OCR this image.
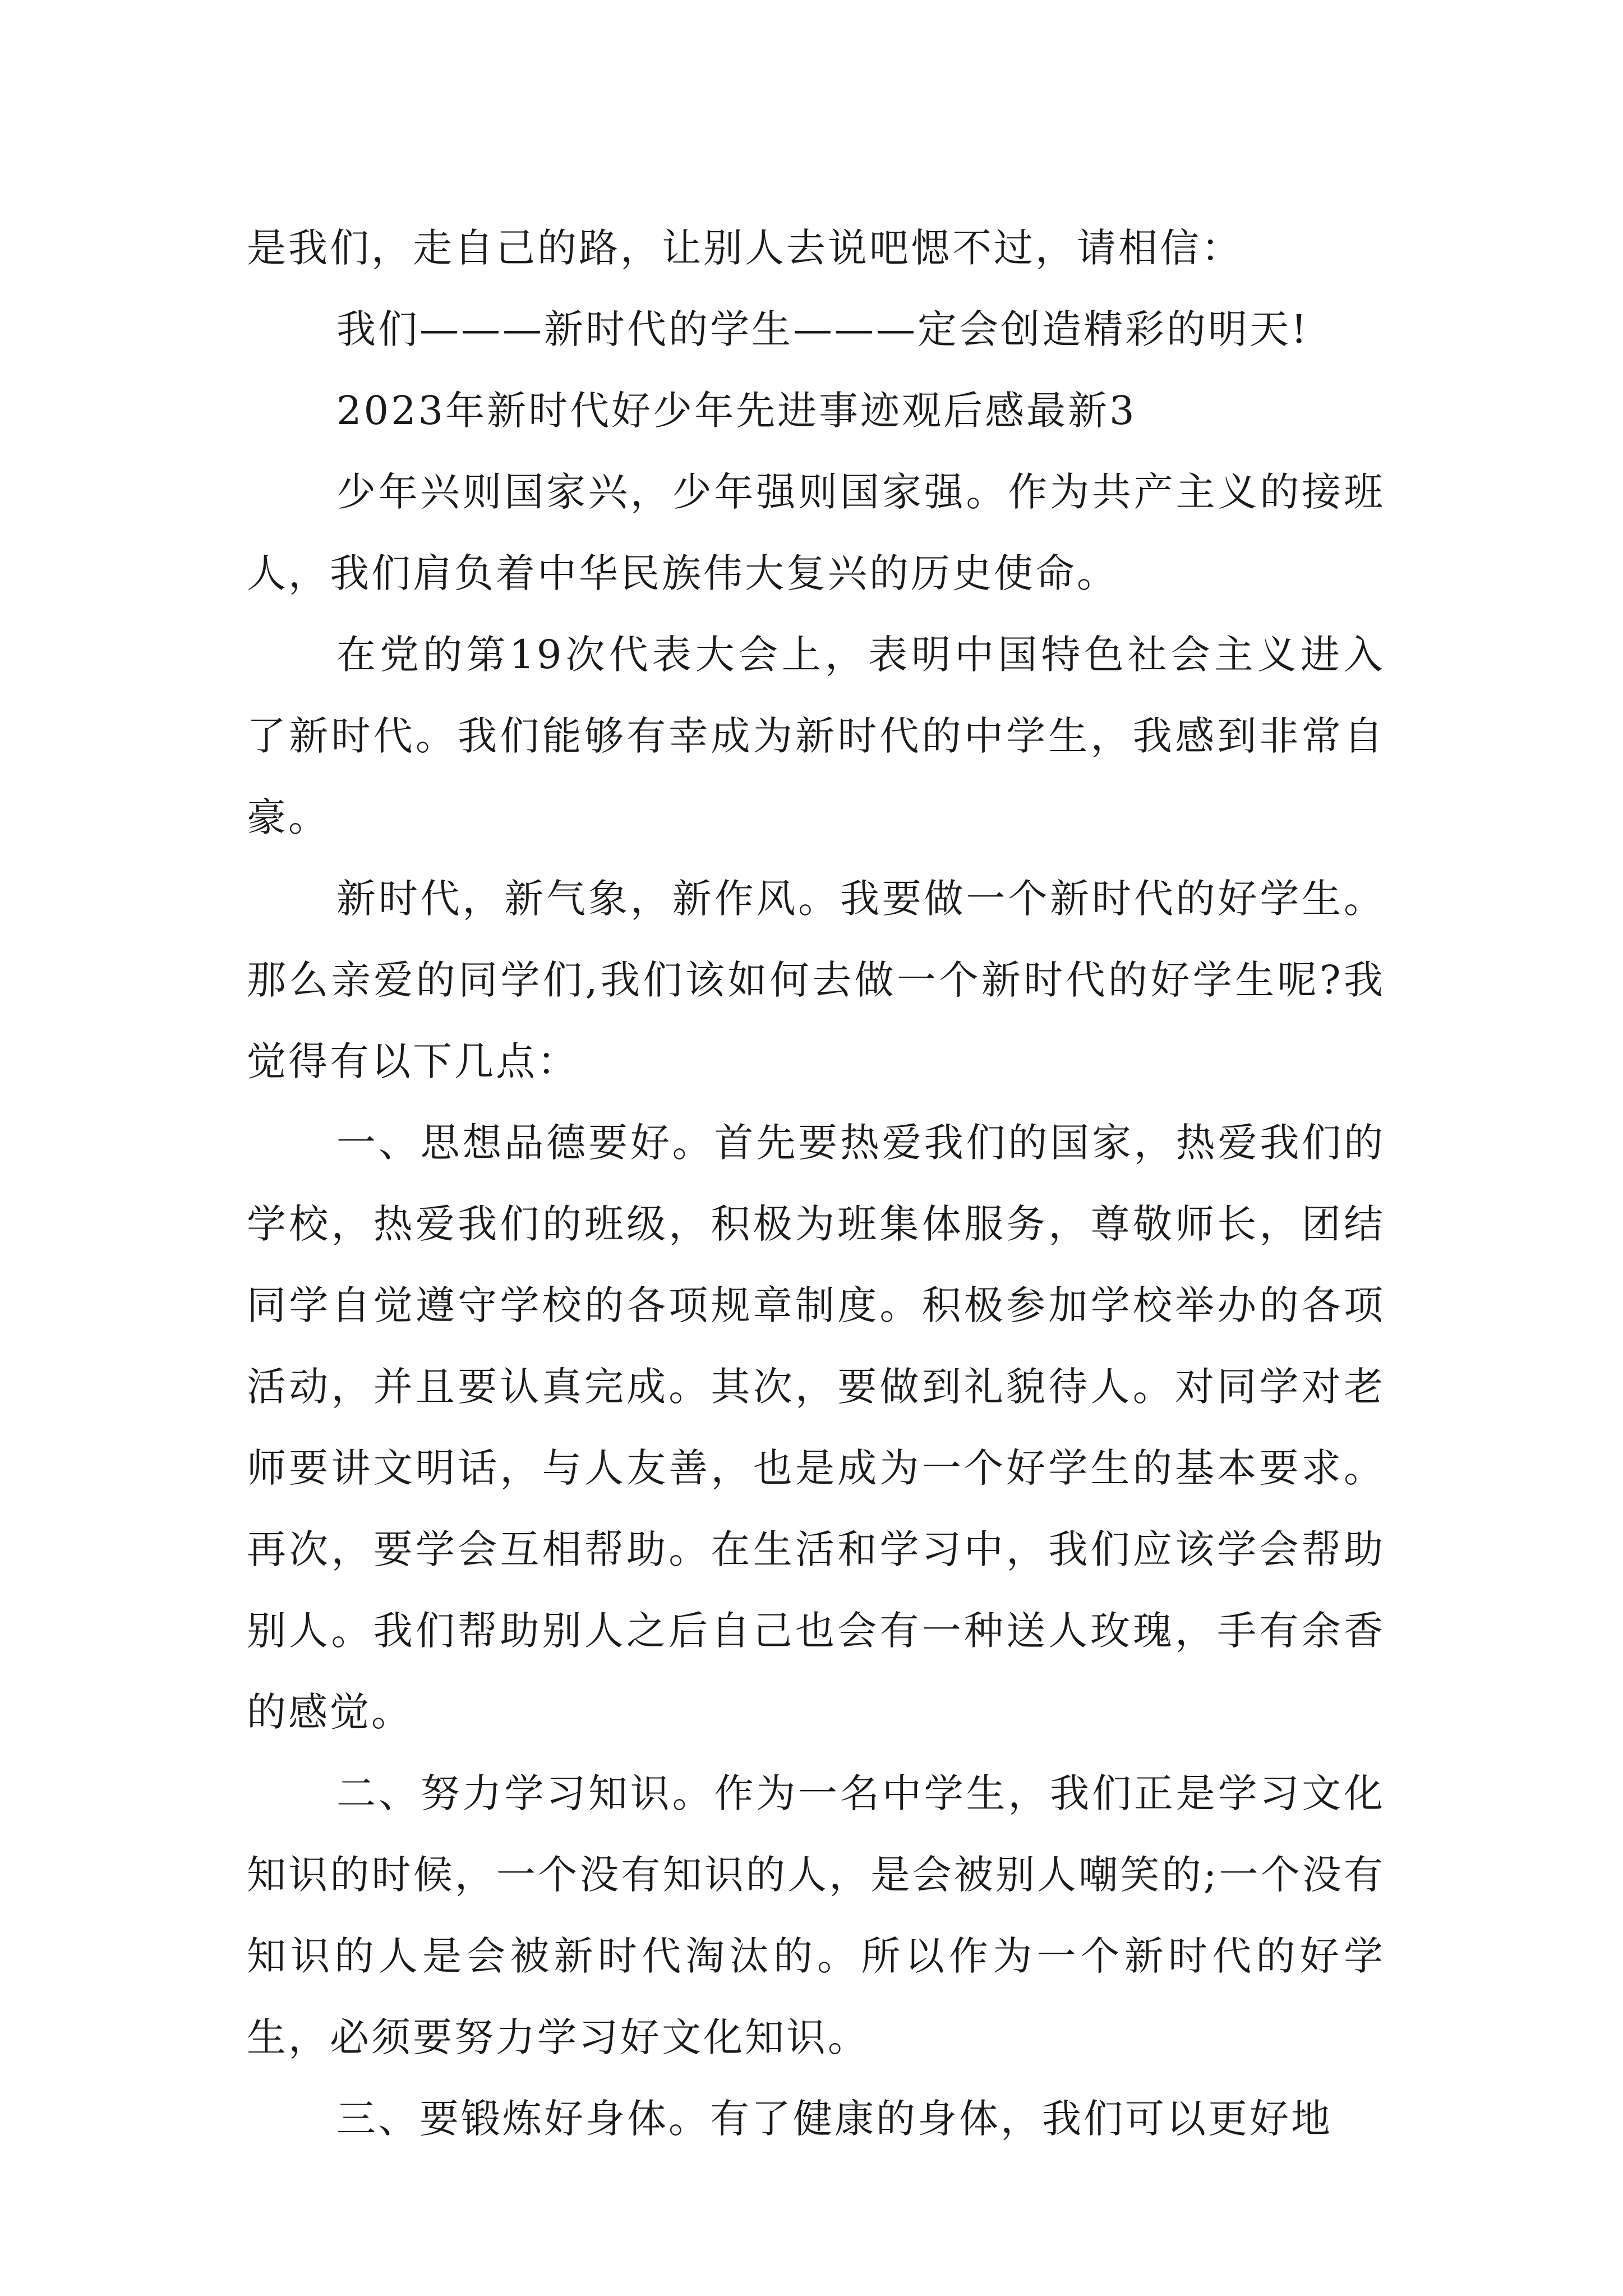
是我们，走自己的路，让别人去说吧愢不过，请相信：

我们———新时代的学生———定会创造精彩的明天!

2023年新时代好少年先进事迹观后感最新3

少年兴则国家兴，少年强则国家强。作为共产主义的接班人，我们肩负着中华民族伟大复兴的历史使命。

在党的第19次代表大会上，表明中国特色社会主义进入了新时代。我们能够有幸成为新时代的中学生，我感到非常自豪。

新时代，新气象，新作风。我要做一个新时代的好学生。那么亲爱的同学们,我们该如何去做一个新时代的好学生呢?我觉得有以下几点：

一、思想品德要好。首先要热爱我们的国家，热爱我们的学校，热爱我们的班级，积极为班集体服务，尊敬师长，团结同学自觉遵守学校的各项规章制度。积极参加学校举办的各项活动，并且要认真完成。其次，要做到礼貌待人。对同学对老师要讲文明话，与人友善，也是成为一个好学生的基本要求。再次，要学会互相帮助。在生活和学习中，我们应该学会帮助别人。我们帮助别人之后自己也会有一种送人玫瑰，手有余香的感觉。

二、努力学习知识。作为一名中学生，我们正是学习文化知识的时候，一个没有知识的人，是会被别人嘲笑的;一个没有知识的人是会被新时代淘汰的。所以作为一个新时代的好学生，必须要努力学习好文化知识。

三、要锻炼好身体。有了健康的身体，我们可以更好地
